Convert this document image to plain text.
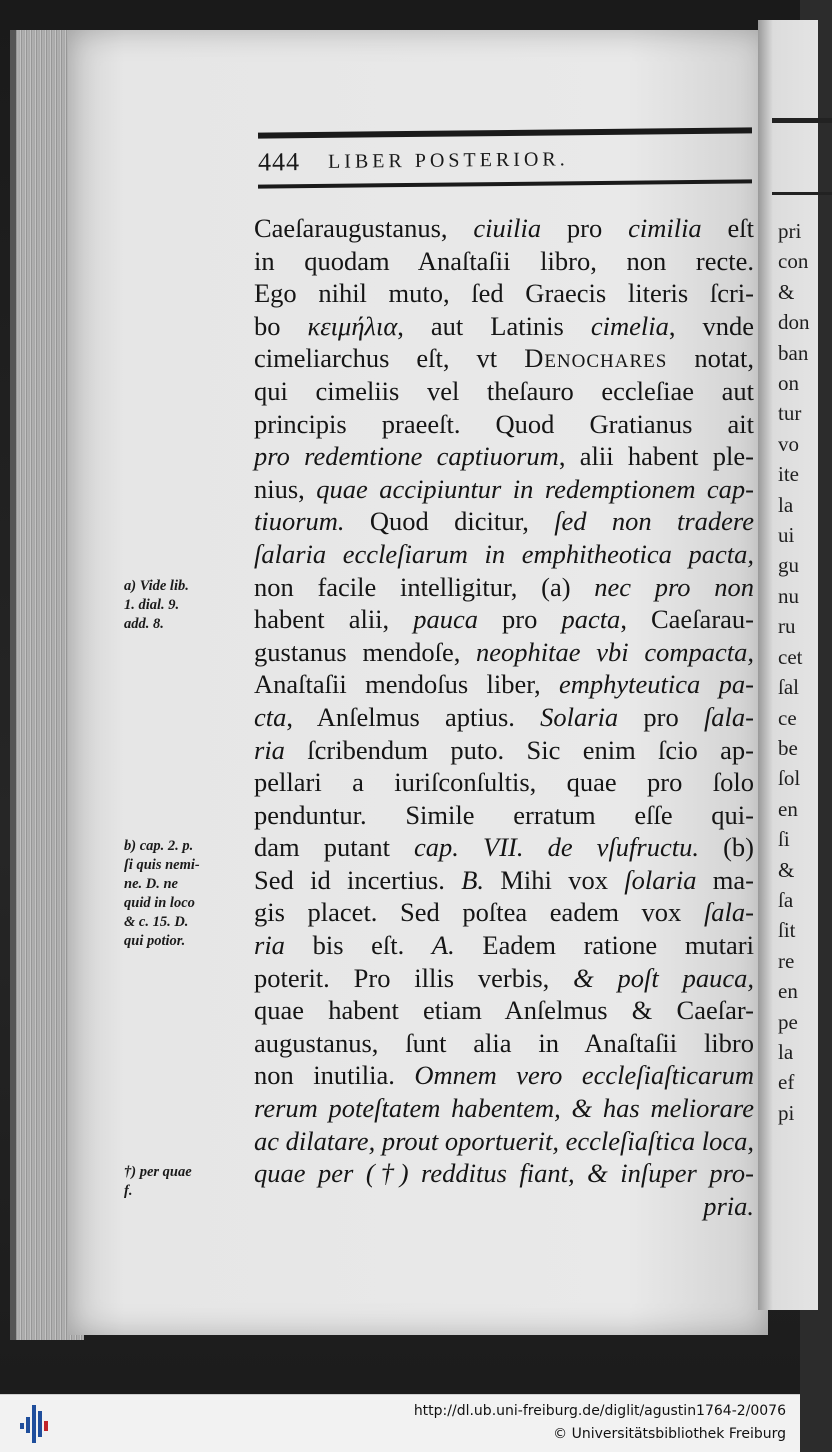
pri
con
&
don
ban
on
tur
vo
ite
la
ui
gu
nu
ru
cet
ſal
ce
be
ſol
en
ſi
&
ſa
ſit
re
en
pe
la
ef
pi
444 LIBER POSTERIOR.
Caeſaraugustanus, ciuilia pro cimilia eſt
in quodam Anaſtaſii libro, non recte.
Ego nihil muto, ſed Graecis literis ſcri-
bo κειμήλια, aut Latinis cimelia, vnde
cimeliarchus eſt, vt Denochares notat,
qui cimeliis vel theſauro eccleſiae aut
principis praeeſt. Quod Gratianus ait
pro redemtione captiuorum, alii habent ple-
nius, quae accipiuntur in redemptionem cap-
tiuorum. Quod dicitur, ſed non tradere
ſalaria eccleſiarum in emphitheotica pacta,
non facile intelligitur, (a) nec pro non
habent alii, pauca pro pacta, Caeſarau-
gustanus mendoſe, neophitae vbi compacta,
Anaſtaſii mendoſus liber, emphyteutica pa-
cta, Anſelmus aptius. Solaria pro ſala-
ria ſcribendum puto. Sic enim ſcio ap-
pellari a iuriſconſultis, quae pro ſolo
penduntur. Simile erratum eſſe qui-
dam putant cap. VII. de vſufructu. (b)
Sed id incertius. B. Mihi vox ſolaria ma-
gis placet. Sed poſtea eadem vox ſala-
ria bis eſt. A. Eadem ratione mutari
poterit. Pro illis verbis, & poſt pauca,
quae habent etiam Anſelmus & Caeſar-
augustanus, ſunt alia in Anaſtaſii libro
non inutilia. Omnem vero eccleſiaſticarum
rerum poteſtatem habentem, & has meliorare
ac dilatare, prout oportuerit, eccleſiaſtica loca,
quae per (†) redditus fiant, & inſuper pro-
pria.
a) Vide lib.
1. dial. 9.
add. 8.
b) cap. 2. p.
ſi quis nemi-
ne. D. ne
quid in loco
& c. 15. D.
qui potior.
†) per quae
f.
http://dl.ub.uni-freiburg.de/diglit/agustin1764-2/0076
© Universitätsbibliothek Freiburg
